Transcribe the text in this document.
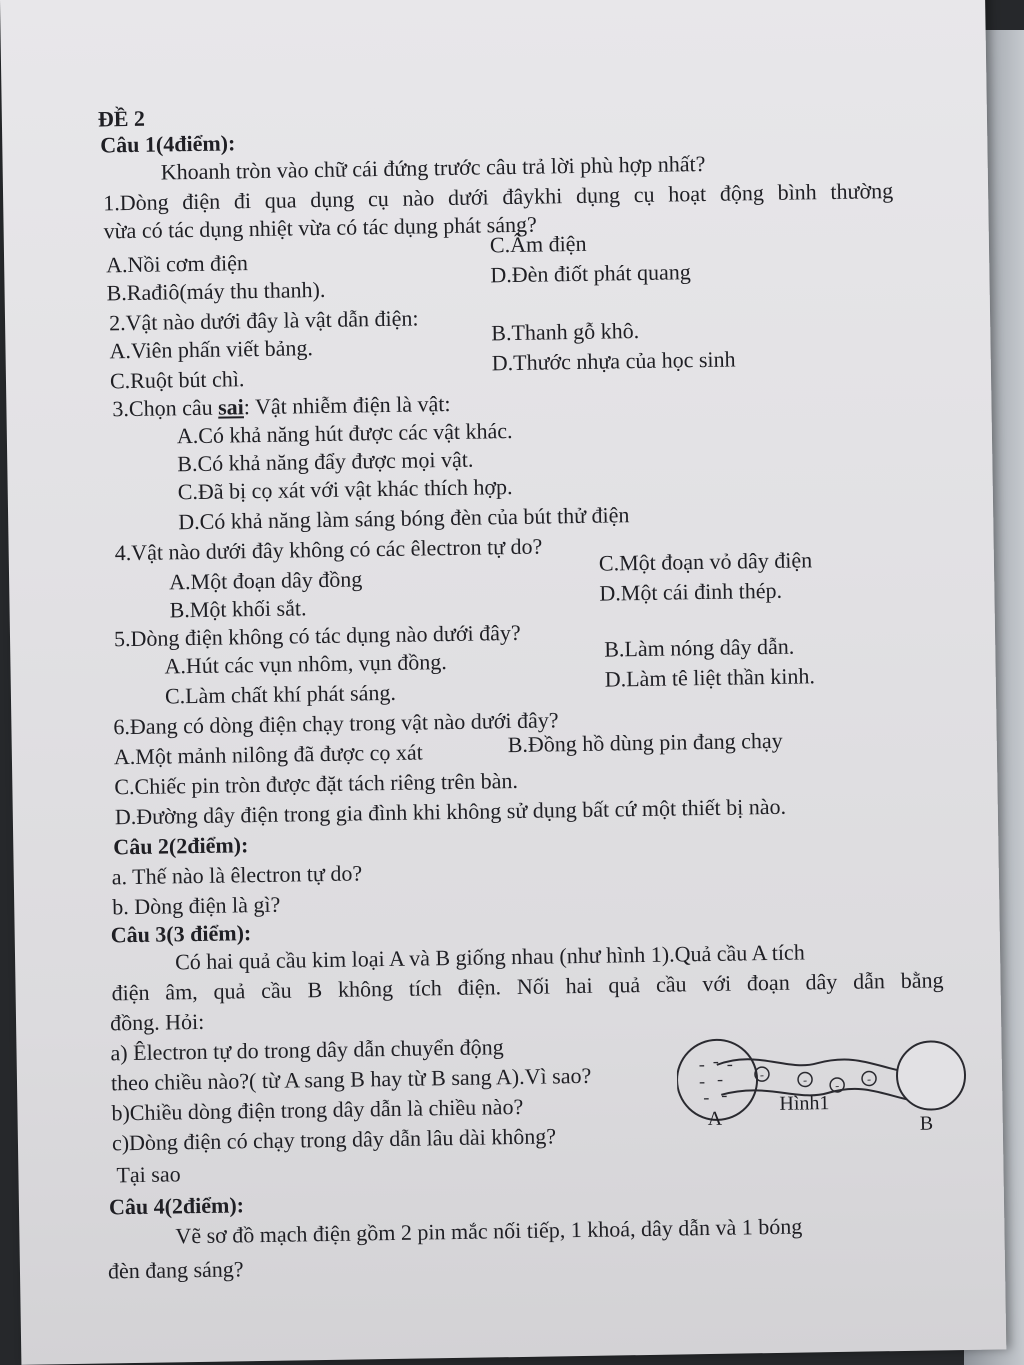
ĐỀ 2
Câu 1(4điểm):
Khoanh tròn vào chữ cái đứng trước câu trả lời phù hợp nhất?
1.Dòng điện đi qua dụng cụ nào dưới đâykhi dụng cụ hoạt động bình thường
vừa có tác dụng nhiệt vừa có tác dụng phát sáng?
C.Âm điện
A.Nồi cơm điện	D.Đèn điốt phát quang
B.Rađiô(máy thu thanh).
2.Vật nào dưới đây là vật dẫn điện:	B.Thanh gỗ khô.
A.Viên phấn viết bảng.	D.Thước nhựa của học sinh
C.Ruột bút chì.
3.Chọn câu sai: Vật nhiễm điện là vật:
A.Có khả năng hút được các vật khác.
B.Có khả năng đẩy được mọi vật.
C.Đã bị cọ xát với vật khác thích hợp.
D.Có khả năng làm sáng bóng đèn của bút thử điện
4.Vật nào dưới đây không có các êlectron tự do?	C.Một đoạn vỏ dây điện
A.Một đoạn dây đồng	D.Một cái đinh thép.
B.Một khối sắt.
5.Dòng điện không có tác dụng nào dưới đây?	B.Làm nóng dây dẫn.
A.Hút các vụn nhôm, vụn đồng.	D.Làm tê liệt thần kinh.
C.Làm chất khí phát sáng.
6.Đang có dòng điện chạy trong vật nào dưới đây?
A.Một mảnh nilông đã được cọ xát	B.Đồng hồ dùng pin đang chạy
C.Chiếc pin tròn được đặt tách riêng trên bàn.
D.Đường dây điện trong gia đình khi không sử dụng bất cứ một thiết bị nào.
Câu 2(2điểm):
a. Thế nào là êlectron tự do?
b. Dòng điện là gì?
Câu 3(3 điểm):
Có hai quả cầu kim loại A và B giống nhau (như hình 1).Quả cầu A tích
điện âm, quả cầu B không tích điện. Nối hai quả cầu với đoạn dây dẫn bằng
đồng. Hỏi:
a) Êlectron tự do trong dây dẫn chuyển động
theo chiều nào?( từ A sang B hay từ B sang A).Vì sao?
b)Chiều dòng điện trong dây dẫn là chiều nào?
c)Dòng điện có chạy trong dây dẫn lâu dài không?
Tại sao
- - -
- -
- -
-	- - -
A
Hình1
B
Câu 4(2điểm):
Vẽ sơ đồ mạch điện gồm 2 pin mắc nối tiếp, 1 khoá, dây dẫn và 1 bóng
đèn đang sáng?
